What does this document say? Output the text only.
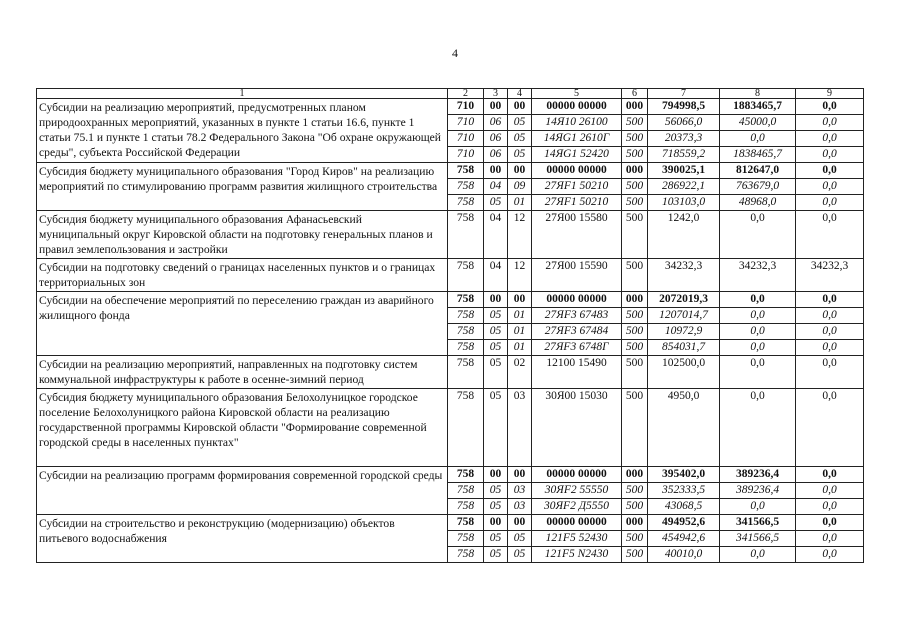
4
1	2	3	4	5	6	7	8	9
Субсидии на реализацию мероприятий, предусмотренных планом природоохранных мероприятий, указанных в пункте 1 статьи 16.6, пункте 1 статьи 75.1 и пункте 1 статьи 78.2 Федерального Закона "Об охране окружающей среды", субъекта Российской Федерации	710	00	00	00000 00000	000	794998,5	1883465,7	0,0
	710	06	05	14Я10 26100	500	56066,0	45000,0	0,0
	710	06	05	14ЯG1 2610Г	500	20373,3	0,0	0,0
	710	06	05	14ЯG1 52420	500	718559,2	1838465,7	0,0
Субсидия бюджету муниципального образования "Город Киров" на реализацию мероприятий по стимулированию программ развития жилищного строительства	758	00	00	00000 00000	000	390025,1	812647,0	0,0
	758	04	09	27ЯF1 50210	500	286922,1	763679,0	0,0
	758	05	01	27ЯF1 50210	500	103103,0	48968,0	0,0
Субсидия бюджету муниципального образования Афанасьевский муниципальный округ Кировской области на подготовку генеральных планов и правил землепользования и застройки	758	04	12	27Я00 15580	500	1242,0	0,0	0,0
Субсидии на подготовку сведений о границах населенных пунктов и о границах территориальных зон	758	04	12	27Я00 15590	500	34232,3	34232,3	34232,3
Субсидии на обеспечение мероприятий по переселению граждан из аварийного жилищного фонда	758	00	00	00000 00000	000	2072019,3	0,0	0,0
	758	05	01	27ЯF3 67483	500	1207014,7	0,0	0,0
	758	05	01	27ЯF3 67484	500	10972,9	0,0	0,0
	758	05	01	27ЯF3 6748Г	500	854031,7	0,0	0,0
Субсидии на реализацию мероприятий, направленных на подготовку систем коммунальной инфраструктуры к работе в осенне-зимний период	758	05	02	12100 15490	500	102500,0	0,0	0,0
Субсидия бюджету муниципального образования Белохолуницкое городское поселение Белохолуницкого района Кировской области на реализацию государственной программы Кировской области "Формирование современной городской среды в населенных пунктах"	758	05	03	30Я00 15030	500	4950,0	0,0	0,0
Субсидии на реализацию программ формирования современной городской среды	758	00	00	00000 00000	000	395402,0	389236,4	0,0
	758	05	03	30ЯF2 55550	500	352333,5	389236,4	0,0
	758	05	03	30ЯF2 Д5550	500	43068,5	0,0	0,0
Субсидии на строительство и реконструкцию (модернизацию) объектов питьевого водоснабжения	758	00	00	00000 00000	000	494952,6	341566,5	0,0
	758	05	05	121F5 52430	500	454942,6	341566,5	0,0
	758	05	05	121F5 N2430	500	40010,0	0,0	0,0
